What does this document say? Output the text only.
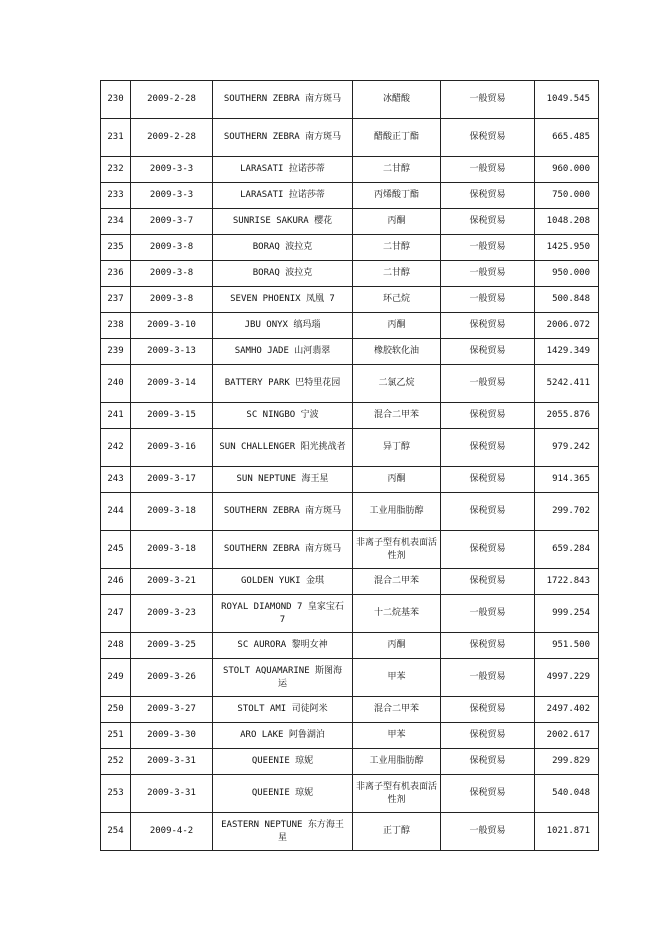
230	2009-2-28	SOUTHERN ZEBRA 南方斑马	冰醋酸	一般贸易	1049.545
231	2009-2-28	SOUTHERN ZEBRA 南方斑马	醋酸正丁酯	保税贸易	665.485
232	2009-3-3	LARASATI 拉诺莎蒂	二甘醇	一般贸易	960.000
233	2009-3-3	LARASATI 拉诺莎蒂	丙烯酸丁酯	保税贸易	750.000
234	2009-3-7	SUNRISE SAKURA 樱花	丙酮	保税贸易	1048.208
235	2009-3-8	BORAQ 波拉克	二甘醇	一般贸易	1425.950
236	2009-3-8	BORAQ 波拉克	二甘醇	一般贸易	950.000
237	2009-3-8	SEVEN PHOENIX 凤凰 7	环己烷	一般贸易	500.848
238	2009-3-10	JBU ONYX 缟玛瑙	丙酮	保税贸易	2006.072
239	2009-3-13	SAMHO JADE 山河翡翠	橡胶软化油	保税贸易	1429.349
240	2009-3-14	BATTERY PARK 巴特里花园	二氯乙烷	一般贸易	5242.411
241	2009-3-15	SC NINGBO 宁波	混合二甲苯	保税贸易	2055.876
242	2009-3-16	SUN CHALLENGER 阳光挑战者	异丁醇	保税贸易	979.242
243	2009-3-17	SUN NEPTUNE 海王星	丙酮	保税贸易	914.365
244	2009-3-18	SOUTHERN ZEBRA 南方斑马	工业用脂肪醇	保税贸易	299.702
245	2009-3-18	SOUTHERN ZEBRA 南方斑马	非离子型有机表面活性剂	保税贸易	659.284
246	2009-3-21	GOLDEN YUKI 金琪	混合二甲苯	保税贸易	1722.843
247	2009-3-23	ROYAL DIAMOND 7 皇家宝石 7	十二烷基苯	一般贸易	999.254
248	2009-3-25	SC AURORA 黎明女神	丙酮	保税贸易	951.500
249	2009-3-26	STOLT AQUAMARINE 斯图海运	甲苯	一般贸易	4997.229
250	2009-3-27	STOLT AMI 司徒阿米	混合二甲苯	保税贸易	2497.402
251	2009-3-30	ARO LAKE 阿鲁湖泊	甲苯	保税贸易	2002.617
252	2009-3-31	QUEENIE 琼妮	工业用脂肪醇	保税贸易	299.829
253	2009-3-31	QUEENIE 琼妮	非离子型有机表面活性剂	保税贸易	540.048
254	2009-4-2	EASTERN NEPTUNE 东方海王星	正丁醇	一般贸易	1021.871
